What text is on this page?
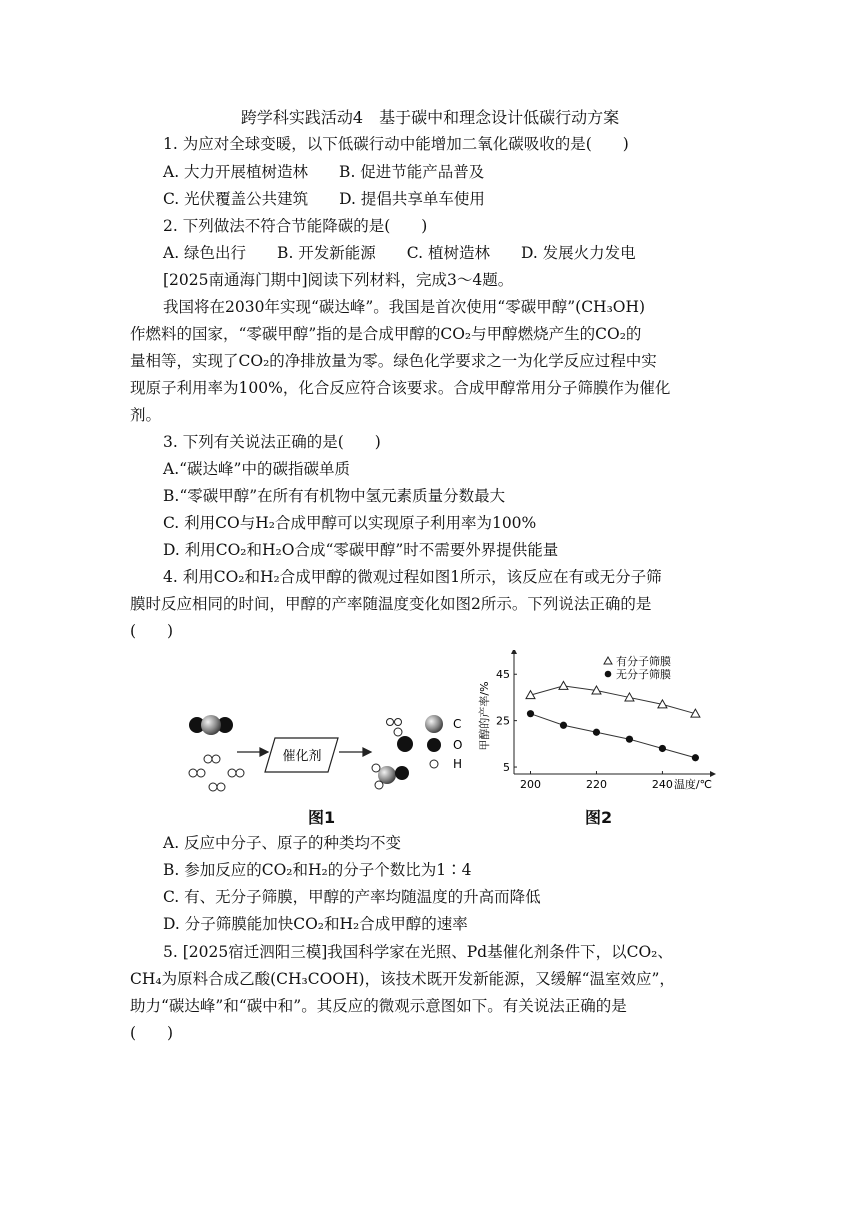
跨学科实践活动4　基于碳中和理念设计低碳行动方案
1. 为应对全球变暖，以下低碳行动中能增加二氧化碳吸收的是(　　)
A. 大力开展植树造林　　B. 促进节能产品普及
C. 光伏覆盖公共建筑　　D. 提倡共享单车使用
2. 下列做法不符合节能降碳的是(　　)
A. 绿色出行　　B. 开发新能源　　C. 植树造林　　D. 发展火力发电
[2025南通海门期中]阅读下列材料，完成3～4题。
我国将在2030年实现“碳达峰”。我国是首次使用“零碳甲醇”(CH₃OH)
作燃料的国家，“零碳甲醇”指的是合成甲醇的CO₂与甲醇燃烧产生的CO₂的
量相等，实现了CO₂的净排放量为零。绿色化学要求之一为化学反应过程中实
现原子利用率为100%，化合反应符合该要求。合成甲醇常用分子筛膜作为催化
剂。
3. 下列有关说法正确的是(　　)
A.“碳达峰”中的碳指碳单质
B.“零碳甲醇”在所有有机物中氢元素质量分数最大
C. 利用CO与H₂合成甲醇可以实现原子利用率为100%
D. 利用CO₂和H₂O合成“零碳甲醇”时不需要外界提供能量
4. 利用CO₂和H₂合成甲醇的微观过程如图1所示，该反应在有或无分子筛
膜时反应相同的时间，甲醇的产率随温度变化如图2所示。下列说法正确的是
(　　)
催化剂
C
O
H
图1
200	220	240
5
25
45
温度/℃
甲醇的产率/%
有分子筛膜
无分子筛膜
图2
A. 反应中分子、原子的种类均不变
B. 参加反应的CO₂和H₂的分子个数比为1∶4
C. 有、无分子筛膜，甲醇的产率均随温度的升高而降低
D. 分子筛膜能加快CO₂和H₂合成甲醇的速率
5. [2025宿迁泗阳三模]我国科学家在光照、Pd基催化剂条件下，以CO₂、
CH₄为原料合成乙酸(CH₃COOH)，该技术既开发新能源，又缓解“温室效应”，
助力“碳达峰”和“碳中和”。其反应的微观示意图如下。有关说法正确的是
(　　)
